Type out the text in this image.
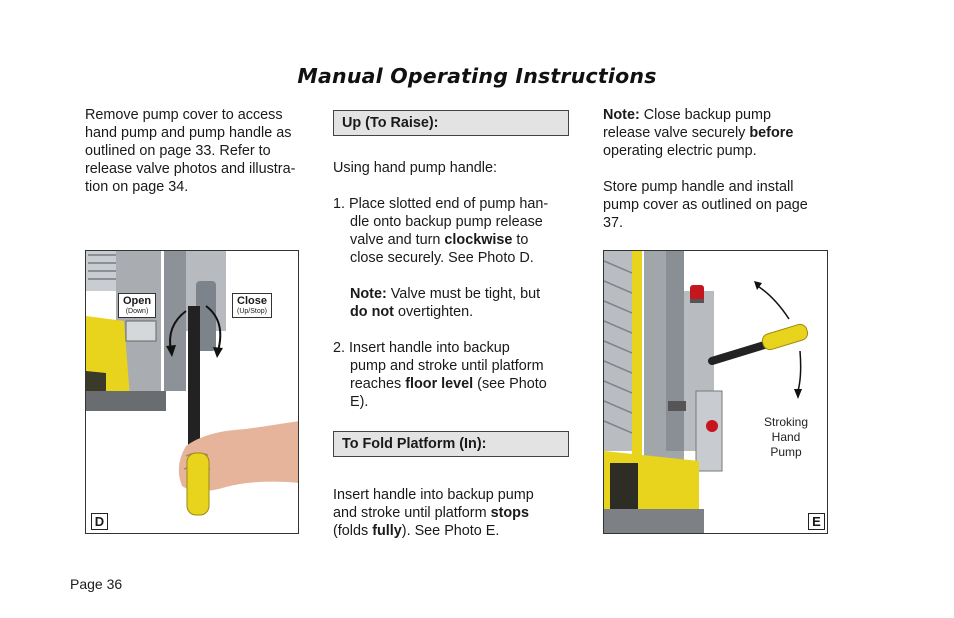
Manual Operating Instructions

Remove pump cover to access

hand pump and pump handle as

outlined on page 33. Refer to

release valve photos and illustra-

tion on page 34.

Open
(Down)
Close
(Up/Stop)
D
Up (To Raise):

Using hand pump handle:

1. Place slotted end of pump han-

dle onto backup pump release

valve and turn clockwise to

close securely. See Photo D.

Note: Valve must be tight, but

do not overtighten.

2. Insert handle into backup

pump and stroke until platform

reaches floor level (see Photo

E).

To Fold Platform (In):

Insert handle into backup pump

and stroke until platform stops

(folds fully). See Photo E.

Note: Close backup pump

release valve securely before

operating electric pump.

Store pump handle and install

pump cover as outlined on page

37.

Stroking
Hand
Pump
E
Page 36
